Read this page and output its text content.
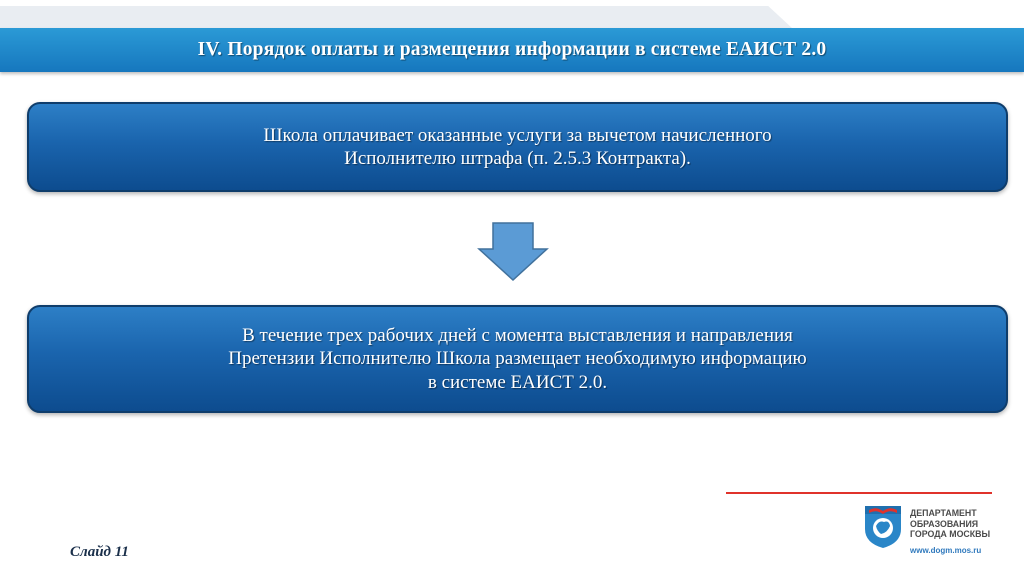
IV. Порядок оплаты и размещения информации в системе ЕАИСТ 2.0
Школа оплачивает оказанные услуги за вычетом начисленного
Исполнителю штрафа (п. 2.5.3 Контракта).
В течение трех рабочих дней с момента выставления и направления
Претензии Исполнителю Школа размещает необходимую информацию
в системе ЕАИСТ 2.0.
ДЕПАРТАМЕНТ
ОБРАЗОВАНИЯ
ГОРОДА МОСКВЫ
www.dogm.mos.ru
Слайд 11
